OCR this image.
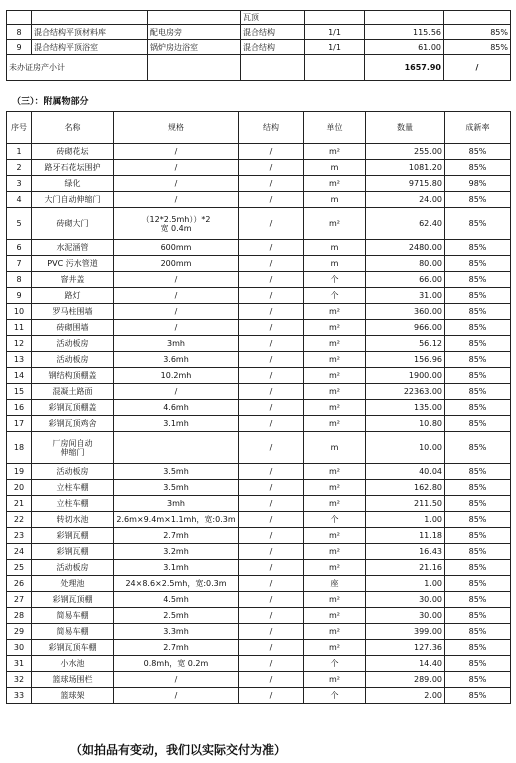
			瓦顶			
8	混合结构平顶材料库	配电房旁	混合结构	1/1	115.56	85%
9	混合结构平顶浴室	锅炉房边浴室	混合结构	1/1	61.00	85%
未办证房产小计					1657.90	/
（三）：附属物部分
序号	名称	规格	结构	单位	数量	成新率
1	砖砌花坛	/	/	m²	255.00	85%
2	路牙石花坛围护	/	/	m	1081.20	85%
3	绿化	/	/	m²	9715.80	98%
4	大门自动伸缩门	/	/	m	24.00	85%
5	砖砌大门	（12*2.5mh））*2
宽 0.4m	/	m²	62.40	85%
6	水泥涵管	600mm	/	m	2480.00	85%
7	PVC 污水管道	200mm	/	m	80.00	85%
8	窨井盖	/	/	个	66.00	85%
9	路灯	/	/	个	31.00	85%
10	罗马柱围墙	/	/	m²	360.00	85%
11	砖砌围墙	/	/	m²	966.00	85%
12	活动板房	3mh	/	m²	56.12	85%
13	活动板房	3.6mh	/	m²	156.96	85%
14	钢结构顶棚盖	10.2mh	/	m²	1900.00	85%
15	混凝土路面	/	/	m²	22363.00	85%
16	彩钢瓦顶棚盖	4.6mh	/	m²	135.00	85%
17	彩钢瓦顶鸡舍	3.1mh	/	m²	10.80	85%
18	厂房间自动
伸缩门		/	m	10.00	85%
19	活动板房	3.5mh	/	m²	40.04	85%
20	立柱车棚	3.5mh	/	m²	162.80	85%
21	立柱车棚	3mh	/	m²	211.50	85%
22	转切水池	2.6m×9.4m×1.1mh，宽:0.3m	/	个	1.00	85%
23	彩钢瓦棚	2.7mh	/	m²	11.18	85%
24	彩钢瓦棚	3.2mh	/	m²	16.43	85%
25	活动板房	3.1mh	/	m²	21.16	85%
26	处理池	24×8.6×2.5mh，宽:0.3m	/	座	1.00	85%
27	彩钢瓦顶棚	4.5mh	/	m²	30.00	85%
28	简易车棚	2.5mh	/	m²	30.00	85%
29	简易车棚	3.3mh	/	m²	399.00	85%
30	彩钢瓦顶车棚	2.7mh	/	m²	127.36	85%
31	小水池	0.8mh，宽 0.2m	/	个	14.40	85%
32	篮球场围栏	/	/	m²	289.00	85%
33	篮球架	/	/	个	2.00	85%
（如拍品有变动，我们以实际交付为准）
